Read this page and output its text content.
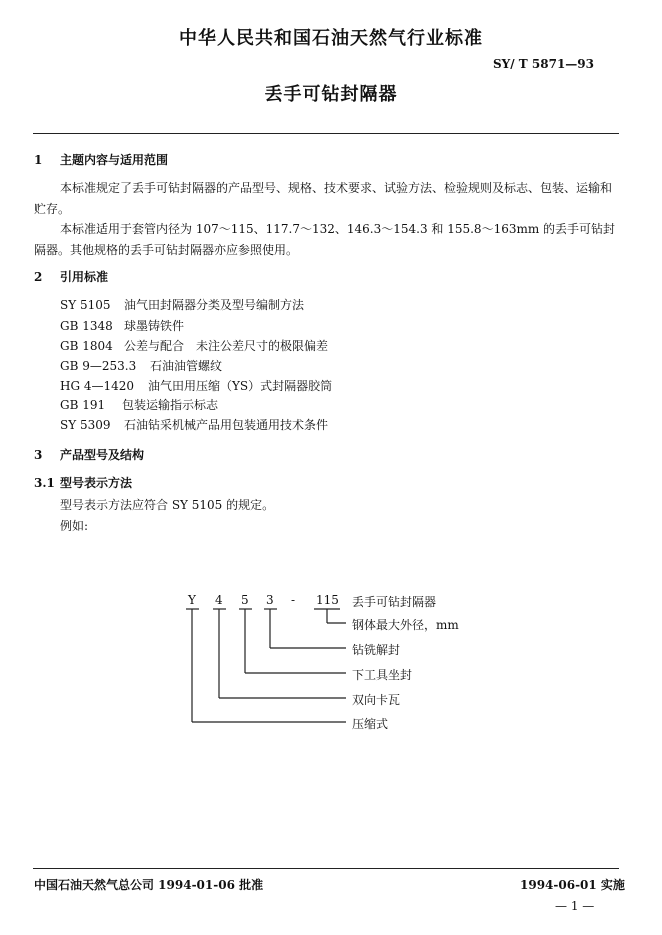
中华人民共和国石油天然气行业标准
SY/ T 5871—93
丢手可钻封隔器
1 主题内容与适用范围
本标准规定了丢手可钻封隔器的产品型号、规格、技术要求、试验方法、检验规则及标志、包装、运输和贮存。
本标准适用于套管内径为 107～115、117.7～132、146.3～154.3 和 155.8～163mm 的丢手可钻封隔器。其他规格的丢手可钻封隔器亦应参照使用。
2 引用标准
SY 5105 油气田封隔器分类及型号编制方法
GB 1348 球墨铸铁件
GB 1804 公差与配合　未注公差尺寸的极限偏差
GB 9—253.3 石油油管螺纹
HG 4—1420 油气田用压缩（YS）式封隔器胶筒
GB 191 包装运输指示标志
SY 5309 石油钻采机械产品用包装通用技术条件
3 产品型号及结构
3.1 型号表示方法
型号表示方法应符合 SY 5105 的规定。
例如:
Y 4 5 3 - 115 丢手可钻封隔器
钢体最大外径，mm
钻铣解封
下工具坐封
双向卡瓦
压缩式
中国石油天然气总公司 1994-01-06 批准	1994-06-01 实施
— 1 —
